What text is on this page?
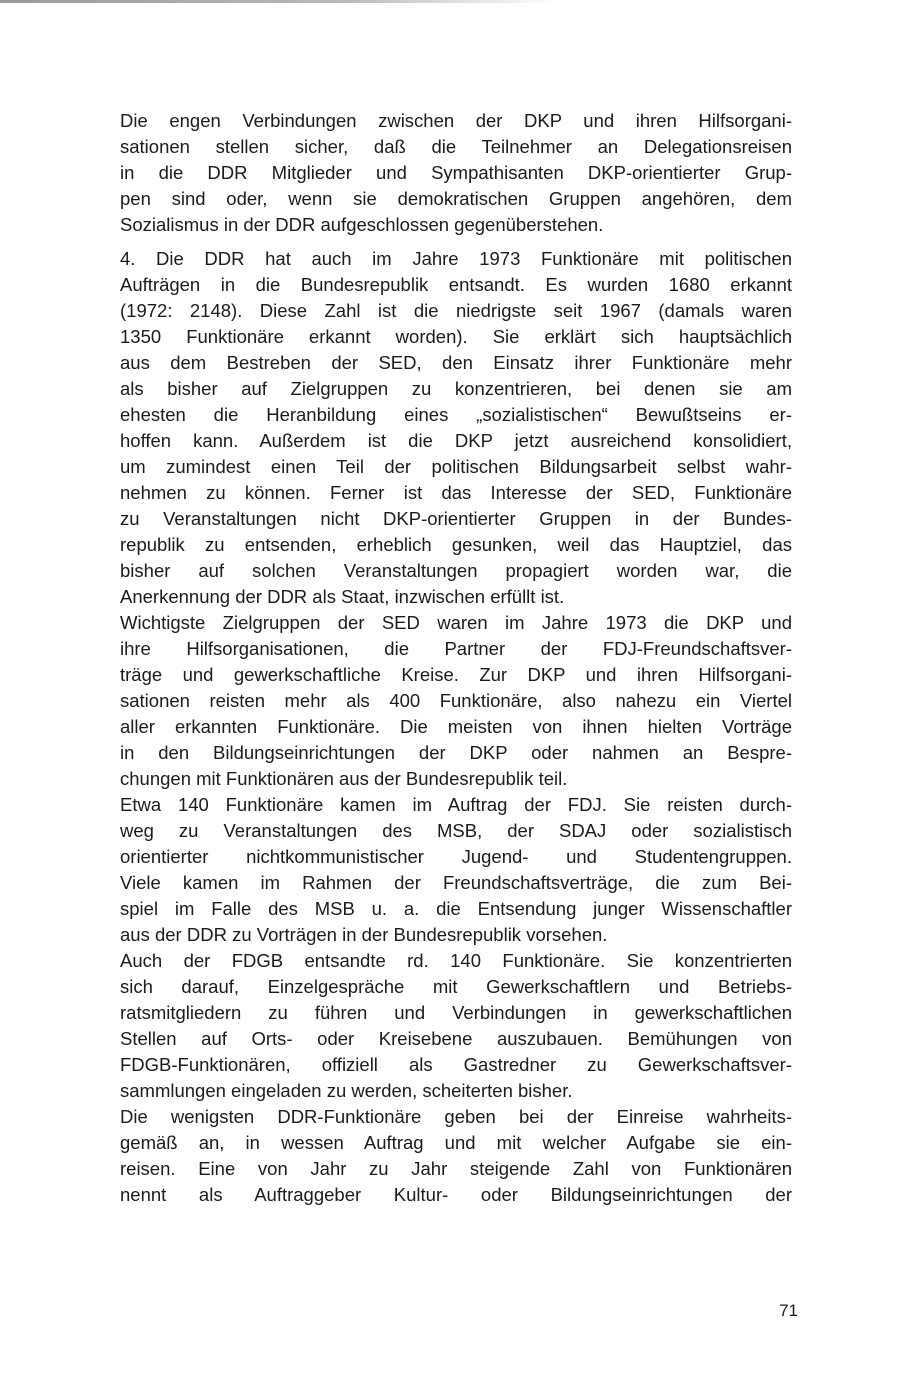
Die engen Verbindungen zwischen der DKP und ihren Hilfsorgani-
sationen stellen sicher, daß die Teilnehmer an Delegationsreisen
in die DDR Mitglieder und Sympathisanten DKP-orientierter Grup-
pen sind oder, wenn sie demokratischen Gruppen angehören, dem
Sozialismus in der DDR aufgeschlossen gegenüberstehen.
4. Die DDR hat auch im Jahre 1973 Funktionäre mit politischen
Aufträgen in die Bundesrepublik entsandt. Es wurden 1680 erkannt
(1972: 2148). Diese Zahl ist die niedrigste seit 1967 (damals waren
1350 Funktionäre erkannt worden). Sie erklärt sich hauptsächlich
aus dem Bestreben der SED, den Einsatz ihrer Funktionäre mehr
als bisher auf Zielgruppen zu konzentrieren, bei denen sie am
ehesten die Heranbildung eines „sozialistischen“ Bewußtseins er-
hoffen kann. Außerdem ist die DKP jetzt ausreichend konsolidiert,
um zumindest einen Teil der politischen Bildungsarbeit selbst wahr-
nehmen zu können. Ferner ist das Interesse der SED, Funktionäre
zu Veranstaltungen nicht DKP-orientierter Gruppen in der Bundes-
republik zu entsenden, erheblich gesunken, weil das Hauptziel, das
bisher auf solchen Veranstaltungen propagiert worden war, die
Anerkennung der DDR als Staat, inzwischen erfüllt ist.
Wichtigste Zielgruppen der SED waren im Jahre 1973 die DKP und
ihre Hilfsorganisationen, die Partner der FDJ-Freundschaftsver-
träge und gewerkschaftliche Kreise. Zur DKP und ihren Hilfsorgani-
sationen reisten mehr als 400 Funktionäre, also nahezu ein Viertel
aller erkannten Funktionäre. Die meisten von ihnen hielten Vorträge
in den Bildungseinrichtungen der DKP oder nahmen an Bespre-
chungen mit Funktionären aus der Bundesrepublik teil.
Etwa 140 Funktionäre kamen im Auftrag der FDJ. Sie reisten durch-
weg zu Veranstaltungen des MSB, der SDAJ oder sozialistisch
orientierter nichtkommunistischer Jugend- und Studentengruppen.
Viele kamen im Rahmen der Freundschaftsverträge, die zum Bei-
spiel im Falle des MSB u. a. die Entsendung junger Wissenschaftler
aus der DDR zu Vorträgen in der Bundesrepublik vorsehen.
Auch der FDGB entsandte rd. 140 Funktionäre. Sie konzentrierten
sich darauf, Einzelgespräche mit Gewerkschaftlern und Betriebs-
ratsmitgliedern zu führen und Verbindungen in gewerkschaftlichen
Stellen auf Orts- oder Kreisebene auszubauen. Bemühungen von
FDGB-Funktionären, offiziell als Gastredner zu Gewerkschaftsver-
sammlungen eingeladen zu werden, scheiterten bisher.
Die wenigsten DDR-Funktionäre geben bei der Einreise wahrheits-
gemäß an, in wessen Auftrag und mit welcher Aufgabe sie ein-
reisen. Eine von Jahr zu Jahr steigende Zahl von Funktionären
nennt als Auftraggeber Kultur- oder Bildungseinrichtungen der
71
